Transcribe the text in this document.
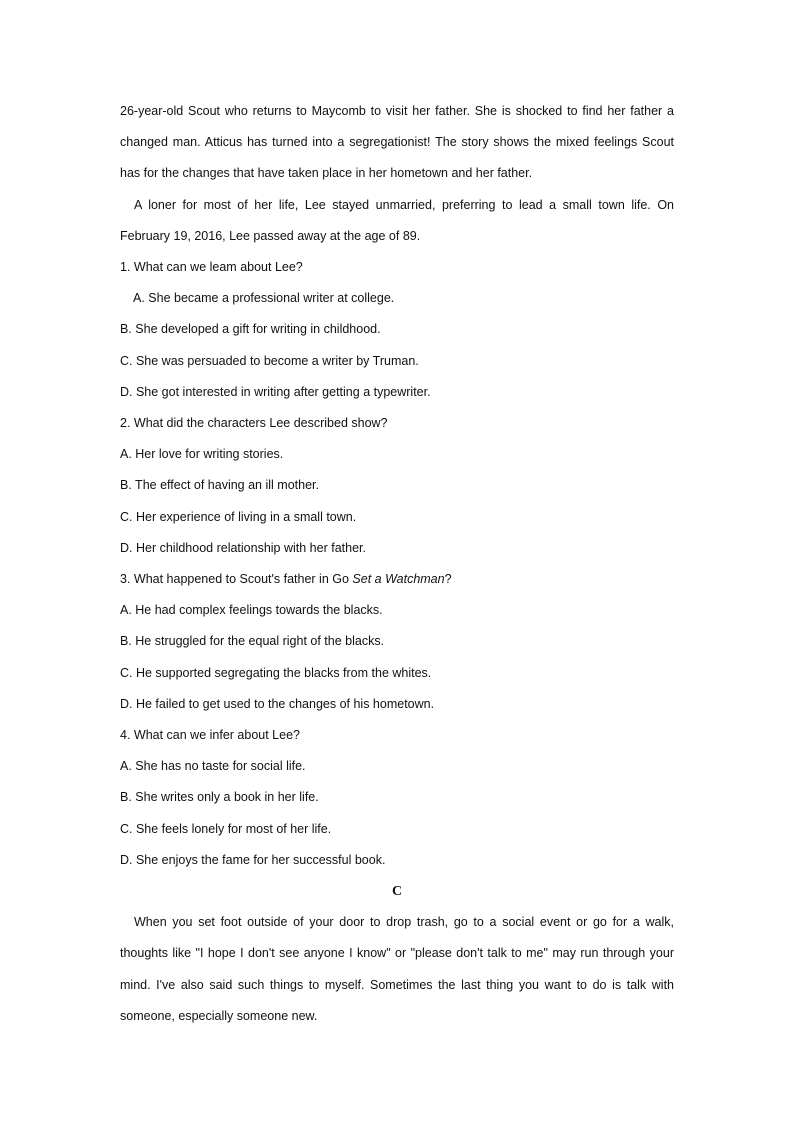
26-year-old Scout who returns to Maycomb to visit her father. She is shocked to find her father a changed man. Atticus has turned into a segregationist! The story shows the mixed feelings Scout has for the changes that have taken place in her hometown and her father.

A loner for most of her life, Lee stayed unmarried, preferring to lead a small town life. On February 19, 2016, Lee passed away at the age of 89.

1. What can we leam about Lee?

A. She became a professional writer at college.

B. She developed a gift for writing in childhood.

C. She was persuaded to become a writer by Truman.

D. She got interested in writing after getting a typewriter.

2. What did the characters Lee described show?

A. Her love for writing stories.

B. The effect of having an ill mother.

C. Her experience of living in a small town.

D. Her childhood relationship with her father.

3. What happened to Scout's father in Go Set a Watchman?

A. He had complex feelings towards the blacks.

B. He struggled for the equal right of the blacks.

C. He supported segregating the blacks from the whites.

D. He failed to get used to the changes of his hometown.

4. What can we infer about Lee?

A. She has no taste for social life.

B. She writes only a book in her life.

C. She feels lonely for most of her life.

D. She enjoys the fame for her successful book.

C

When you set foot outside of your door to drop trash, go to a social event or go for a walk, thoughts like "I hope I don't see anyone I know" or "please don't talk to me" may run through your mind. I've also said such things to myself. Sometimes the last thing you want to do is talk with someone, especially someone new.
